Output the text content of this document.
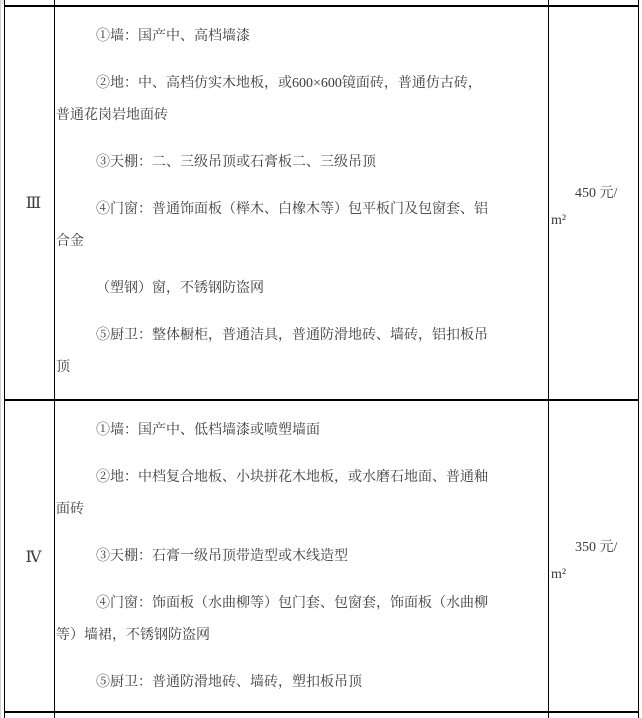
Ⅲ

①墙：国产中、高档墙漆

②地：中、高档仿实木地板，或600×600镜面砖，普通仿古砖，
普通花岗岩地面砖

③天棚：二、三级吊顶或石膏板二、三级吊顶

④门窗：普通饰面板（榉木、白橡木等）包平板门及包窗套、铝
合金

（塑钢）窗，不锈钢防盗网

⑤厨卫：整体橱柜，普通洁具，普通防滑地砖、墙砖，铝扣板吊
顶

450 元/
m²
Ⅳ

①墙：国产中、低档墙漆或喷塑墙面

②地：中档复合地板、小块拼花木地板，或水磨石地面、普通釉
面砖

③天棚：石膏一级吊顶带造型或木线造型

④门窗：饰面板（水曲柳等）包门套、包窗套，饰面板（水曲柳
等）墙裙，不锈钢防盗网

⑤厨卫：普通防滑地砖、墙砖，塑扣板吊顶

350 元/
m²
